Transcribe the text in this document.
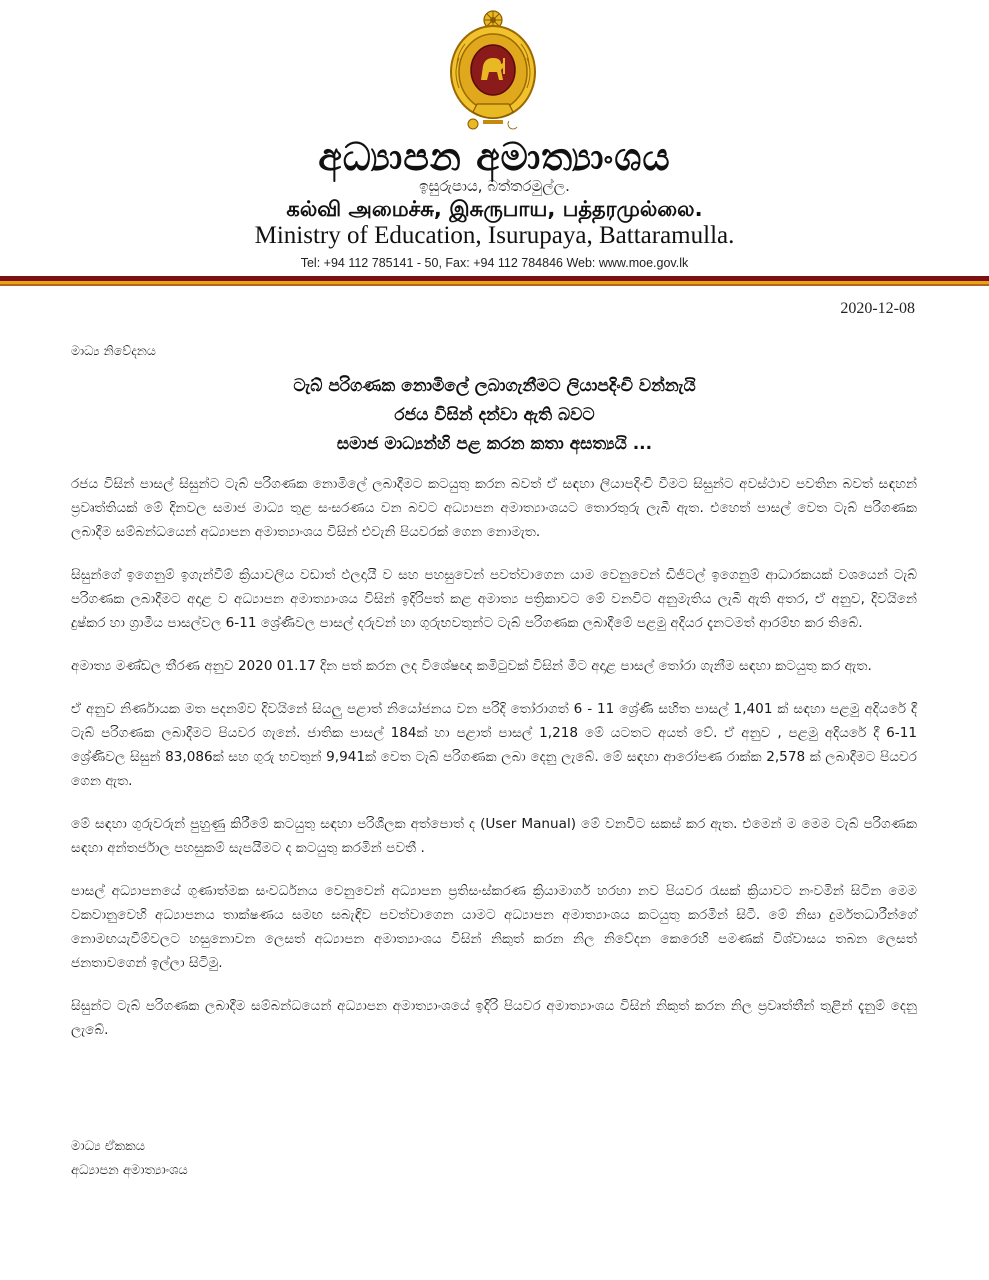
අධ්‍යාපන අමාත්‍යාංශය
ඉසුරුපාය, බත්තරමුල්ල.
கல்வி அமைச்சு, இசுருபாய, பத்தரமுல்லை.
Ministry of Education, Isurupaya, Battaramulla.
Tel: +94 112 785141 - 50, Fax: +94 112 784846 Web: www.moe.gov.lk
2020-12-08
මාධ්‍ය නිවේදනය
ටැබ් පරිගණක නොමිලේ ලබාගැනීමට ලියාපදිංචි වන්නැයි
රජය විසින් දන්වා ඇති බවට
සමාජ මාධ්‍යන්හි පළ කරන කතා අසත්‍යයි ...

රජය විසින් පාසල් සිසුන්ට ටැබ් පරිගණක නොමිලේ ලබාදීමට කටයුතු කරන බවත් ඒ සඳහා ලියාපදිංචි වීමට සිසුන්ට අවස්ථාව පවතින බවත් සඳහන් ප්‍රවෘත්තියක් මේ දිනවල සමාජ මාධ්‍ය තුළ සංසරණය වන බවට අධ්‍යාපන අමාත්‍යාංශයට තොරතුරු ලැබී ඇත. එහෙත් පාසල් වෙත ටැබ් පරිගණක ලබාදීම සම්බන්ධයෙන් අධ්‍යාපන අමාත්‍යාංශය විසින් එවැනි පියවරක් ගෙන නොමැත.

සිසුන්ගේ ඉගෙනුම් ඉගැන්වීම් ක්‍රියාවලිය වඩාත් ඵලදායී ව සහ පහසුවෙන් පවත්වාගෙන යාම වෙනුවෙන් ඩිජිටල් ඉගෙනුම් ආධාරකයක් වශයෙන් ටැබ් පරිගණක ලබාදීමට අදාළ ව අධ්‍යාපන අමාත්‍යාංශය විසින් ඉදිරිපත් කළ අමාත්‍ය පත්‍රිකාවට මේ වනවිට අනුමැතිය ලැබී ඇති අතර, ඒ අනුව, දිවයිනේ දුෂ්කර හා ග්‍රාමීය පාසල්වල 6-11 ශ්‍රේණිවල පාසල් දරුවන් හා ගුරුභවතුන්ට ටැබ් පරිගණක ලබාදීමේ පළමු අදියර දැනටමත් ආරම්භ කර තිබේ.

අමාත්‍ය මණ්ඩල තීරණ අනුව 2020 01.17 දින පත් කරන ලද විශේෂඥ කමිටුවක් විසින් මීට අදාළ පාසල් තෝරා ගැනීම සඳහා කටයුතු කර ඇත.

ඒ අනුව නිර්ණායක මත පදනම්ව දිවයිනේ සියලු පළාත් නියෝජනය වන පරිදි තෝරාගත් 6 - 11 ශ්‍රේණි සහිත පාසල් 1,401 ක් සඳහා පළමු අදියරේ දී ටැබ් පරිගණක ලබාදීමට පියවර ගැනේ. ජාතික පාසල් 184ක් හා පළාත් පාසල් 1,218 මේ යටතට අයත් වේ. ඒ අනුව , පළමු අදියරේ දී 6-11 ශ්‍රේණිවල සිසුන් 83,086ක් සහ ගුරු භවතුන් 9,941ක් වෙත ටැබ් පරිගණක ලබා දෙනු ලැබේ. මේ සඳහා ආරෝපණ රාක්ක 2,578 ක් ලබාදීමට පියවර ගෙන ඇත.

මේ සඳහා ගුරුවරුන් පුහුණු කිරීමේ කටයුතු සඳහා පරිශීලක අත්පොත් ද (User Manual) මේ වනවිට සකස් කර ඇත. එමෙන් ම මෙම ටැබ් පරිගණක සඳහා අන්තර්ජාල පහසුකම් සැපයීමට ද කටයුතු කරමින් පවතී .

පාසල් අධ්‍යාපනයේ ගුණාත්මක සංවර්ධනය වෙනුවෙන් අධ්‍යාපන ප්‍රතිසංස්කරණ ක්‍රියාමාර්ග හරහා නව පියවර රැසක් ක්‍රියාවට නංවමින් සිටින මෙම වකවානුවෙහි අධ්‍යාපනය තාක්ෂණය සමඟ සබැඳිව පවත්වාගෙන යාමට අධ්‍යාපන අමාත්‍යාංශය කටයුතු කරමින් සිටී. මේ නිසා දුර්මතධාරීන්ගේ නොමඟයැවීම්වලට හසුනොවන ලෙසත් අධ්‍යාපන අමාත්‍යාංශය විසින් නිකුත් කරන නිල නිවේදන කෙරෙහි පමණක් විශ්වාසය තබන ලෙසත් ජනතාවගෙන් ඉල්ලා සිටිමු.

සිසුන්ට ටැබ් පරිගණක ලබාදීම සම්බන්ධයෙන් අධ්‍යාපන අමාත්‍යාංශයේ ඉදිරි පියවර අමාත්‍යාංශය විසින් නිකුත් කරන නිල ප්‍රවෘත්තීන් තුළින් දැනුම් දෙනු ලැබේ.

මාධ්‍ය ඒකකය
අධ්‍යාපන අමාත්‍යාංශය
